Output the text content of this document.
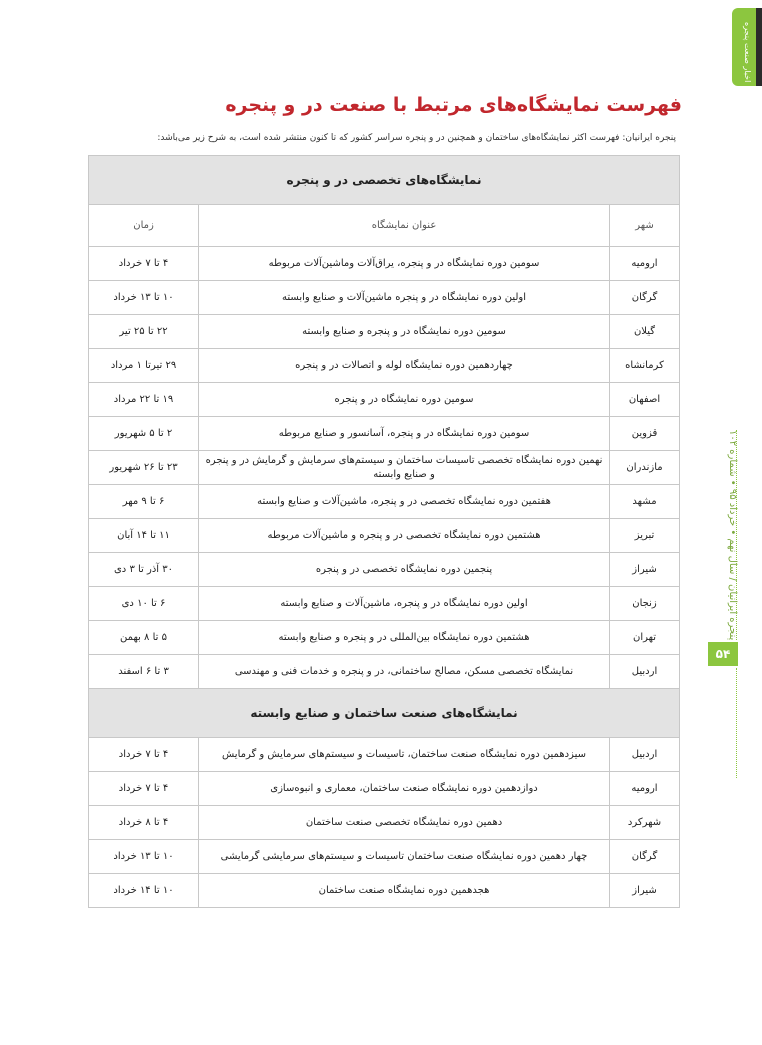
اخبار صنعت پنجره
پنجره ایرانیان / سال نهم • خرداد ۹۵ • شماره ۱۰۲
۵۴
فهرست نمایشگاه‌های مرتبط با صنعت در و پنجره
پنجره ایرانیان: فهرست اکثر نمایشگاه‌های ساختمان و همچنین در و پنجره سراسر کشور که تا کنون منتشر شده است، به شرح زیر می‌باشد:
نمایشگاه‌های تخصصی در و پنجره		
شهر	عنوان نمایشگاه	زمان
ارومیه	سومین دوره نمایشگاه در و پنجره، یراق‌آلات وماشین‌آلات مربوطه	۴ تا ۷ خرداد
گرگان	اولین دوره نمایشگاه در و پنجره ماشین‌آلات و صنایع وابسته	۱۰ تا ۱۳ خرداد
گیلان	سومین دوره نمایشگاه در و پنجره و صنایع وابسته	۲۲ تا ۲۵ تیر
کرمانشاه	چهاردهمین دوره نمایشگاه لوله و اتصالات در و پنجره	۲۹ تیرتا ۱ مرداد
اصفهان	سومین دوره نمایشگاه در و پنجره	۱۹ تا ۲۲ مرداد
قزوین	سومین دوره نمایشگاه در و پنجره، آسانسور و صنایع مربوطه	۲ تا ۵ شهریور
مازندران	نهمین دوره نمایشگاه تخصصی تاسیسات ساختمان و سیستم‌های سرمایش و گرمایش در و پنجره و صنایع وابسته	۲۳ تا ۲۶ شهریور
مشهد	هفتمین دوره نمایشگاه تخصصی در و پنجره، ماشین‌آلات و صنایع وابسته	۶ تا ۹ مهر
تبریز	هشتمین دوره نمایشگاه تخصصی در و پنجره و ماشین‌آلات مربوطه	۱۱ تا ۱۴ آبان
شیراز	پنجمین دوره نمایشگاه تخصصی در و پنجره	۳۰ آذر تا ۳ دی
زنجان	اولین دوره نمایشگاه در و پنجره، ماشین‌آلات و صنایع وابسته	۶ تا ۱۰ دی
تهران	هشتمین دوره نمایشگاه بین‌المللی در و پنجره و صنایع وابسته	۵ تا ۸ بهمن
اردبیل	نمایشگاه تخصصی مسکن، مصالح ساختمانی، در و پنجره و خدمات فنی و مهندسی	۳ تا ۶ اسفند
نمایشگاه‌های صنعت ساختمان و صنایع وابسته		
اردبیل	سیزدهمین دوره نمایشگاه صنعت ساختمان، تاسیسات و سیستم‌های سرمایش و گرمایش	۴ تا ۷ خرداد
ارومیه	دوازدهمین دوره نمایشگاه صنعت ساختمان، معماری و انبوه‌سازی	۴ تا ۷ خرداد
شهرکرد	دهمین دوره نمایشگاه تخصصی صنعت ساختمان	۴ تا ۸ خرداد
گرگان	چهار دهمین دوره نمایشگاه صنعت ساختمان تاسیسات و سیستم‌های سرمایشی گرمایشی	۱۰ تا ۱۳ خرداد
شیراز	هجدهمین دوره نمایشگاه صنعت ساختمان	۱۰ تا ۱۴ خرداد
